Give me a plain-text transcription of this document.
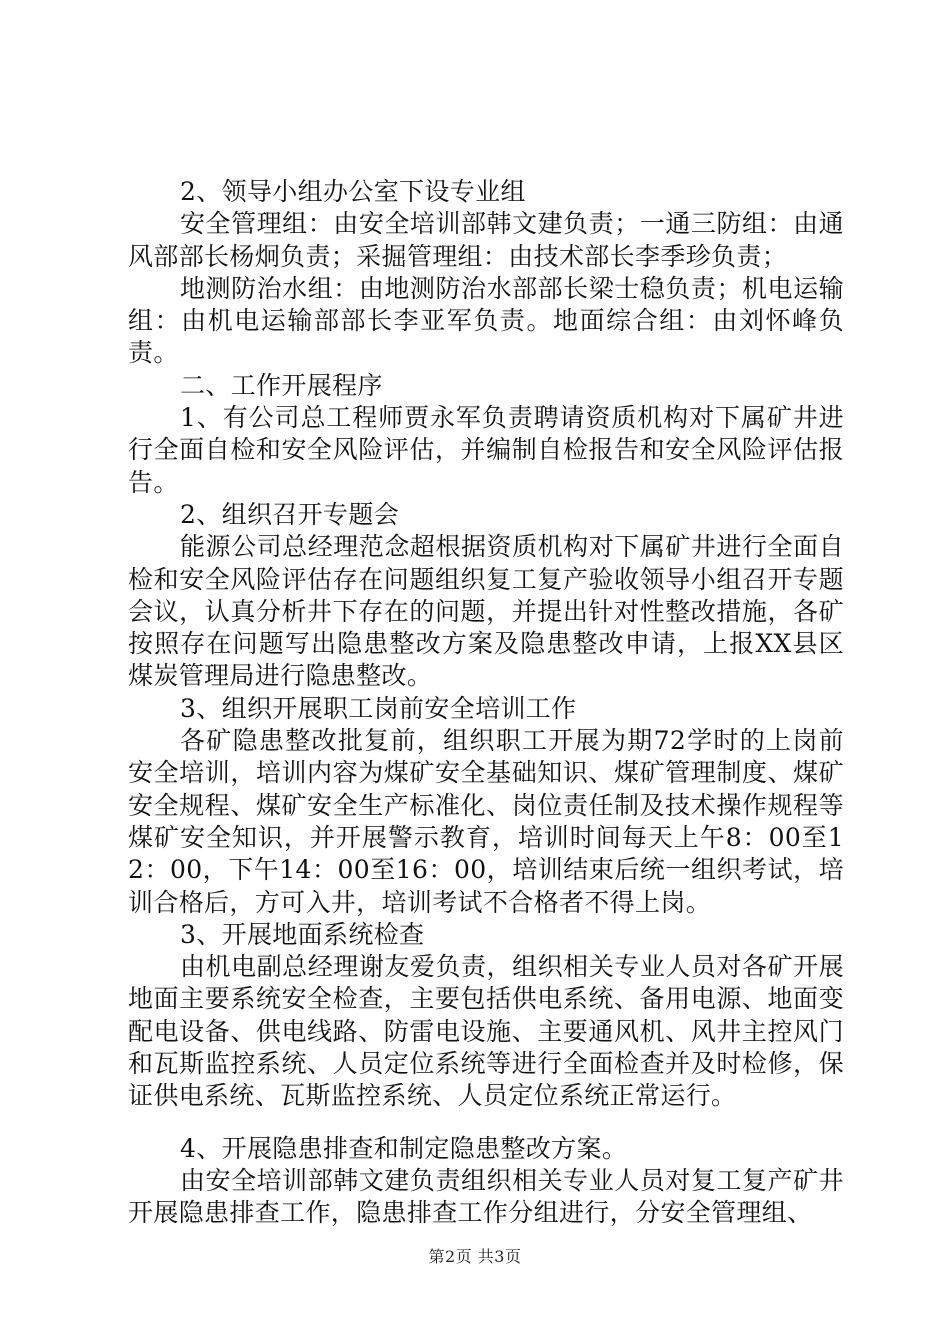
2、领导小组办公室下设专业组

安全管理组：由安全培训部韩文建负责；一通三防组：由通风部部长杨炯负责；采掘管理组：由技术部长李季珍负责；

地测防治水组：由地测防治水部部长梁士稳负责；机电运输组：由机电运输部部长李亚军负责。地面综合组：由刘怀峰负责。

二、工作开展程序

1、有公司总工程师贾永军负责聘请资质机构对下属矿井进行全面自检和安全风险评估，并编制自检报告和安全风险评估报告。

2、组织召开专题会

能源公司总经理范念超根据资质机构对下属矿井进行全面自检和安全风险评估存在问题组织复工复产验收领导小组召开专题会议，认真分析井下存在的问题，并提出针对性整改措施，各矿按照存在问题写出隐患整改方案及隐患整改申请，上报XX县区煤炭管理局进行隐患整改。

3、组织开展职工岗前安全培训工作

各矿隐患整改批复前，组织职工开展为期72学时的上岗前安全培训，培训内容为煤矿安全基础知识、煤矿管理制度、煤矿安全规程、煤矿安全生产标准化、岗位责任制及技术操作规程等煤矿安全知识，并开展警示教育，培训时间每天上午8：00至12：00，下午14：00至16：00，培训结束后统一组织考试，培训合格后，方可入井，培训考试不合格者不得上岗。

3、开展地面系统检查

由机电副总经理谢友爱负责，组织相关专业人员对各矿开展地面主要系统安全检查，主要包括供电系统、备用电源、地面变配电设备、供电线路、防雷电设施、主要通风机、风井主控风门和瓦斯监控系统、人员定位系统等进行全面检查并及时检修，保证供电系统、瓦斯监控系统、人员定位系统正常运行。

4、开展隐患排查和制定隐患整改方案。

由安全培训部韩文建负责组织相关专业人员对复工复产矿井开展隐患排查工作，隐患排查工作分组进行，分安全管理组、

第2页 共3页
